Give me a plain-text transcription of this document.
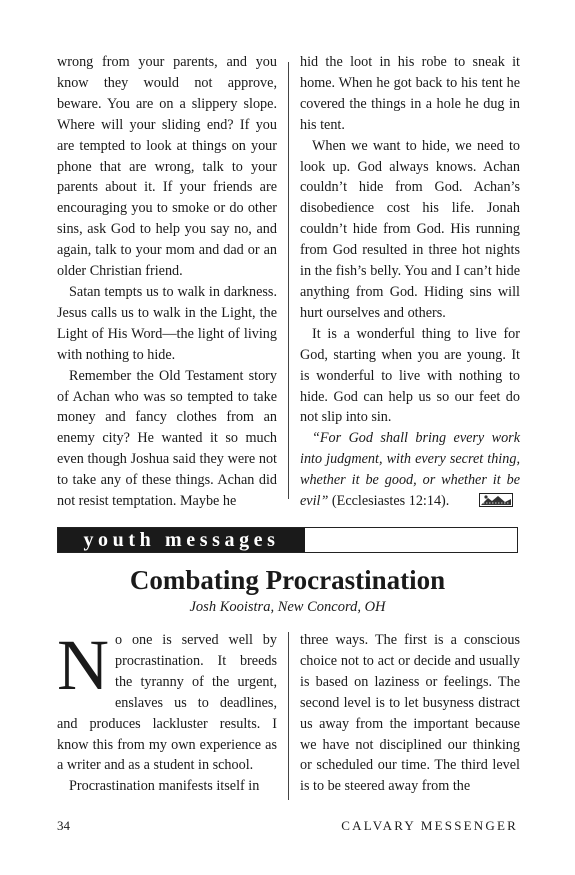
wrong from your parents, and you know they would not approve, beware. You are on a slippery slope. Where will your sliding end? If you are tempted to look at things on your phone that are wrong, talk to your parents about it. If your friends are encouraging you to smoke or do other sins, ask God to help you say no, and again, talk to your mom and dad or an older Christian friend.

Satan tempts us to walk in darkness. Jesus calls us to walk in the Light, the Light of His Word—the light of living with nothing to hide.

Remember the Old Testament story of Achan who was so tempted to take money and fancy clothes from an enemy city? He wanted it so much even though Joshua said they were not to take any of these things. Achan did not resist temptation. Maybe he

hid the loot in his robe to sneak it home. When he got back to his tent he covered the things in a hole he dug in his tent.

When we want to hide, we need to look up. God always knows. Achan couldn’t hide from God. Achan’s disobedience cost his life. Jonah couldn’t hide from God. His running from God resulted in three hot nights in the fish’s belly. You and I can’t hide anything from God. Hiding sins will hurt ourselves and others.

It is a wonderful thing to live for God, starting when you are young. It is wonderful to live with nothing to hide. God can help us so our feet do not slip into sin.

“For God shall bring every work into judgment, with every secret thing, whether it be good, or whether it be evil” (Ecclesiastes 12:14).

youth messages
Combating Procrastination

Josh Kooistra, New Concord, OH

No one is served well by procrastination. It breeds the tyranny of the urgent, enslaves us to deadlines, and produces lackluster results. I know this from my own experience as a writer and as a student in school.

Procrastination manifests itself in

three ways. The first is a conscious choice not to act or decide and usually is based on laziness or feelings. The second level is to let busyness distract us away from the important because we have not disciplined our thinking or scheduled our time. The third level is to be steered away from the

34	CALVARY MESSENGER
